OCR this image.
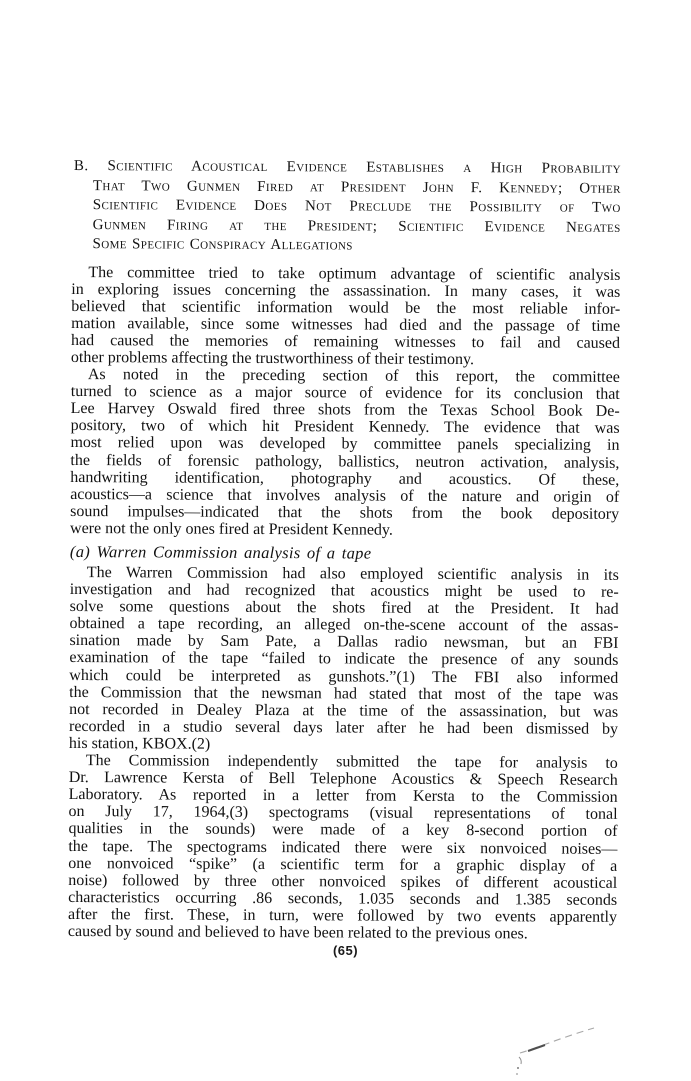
B. Scientific Acoustical Evidence Establishes a High Probability
That Two Gunmen Fired at President John F. Kennedy; Other
Scientific Evidence Does Not Preclude the Possibility of Two
Gunmen Firing at the President; Scientific Evidence Negates
Some Specific Conspiracy Allegations
The committee tried to take optimum advantage of scientific analysis
in exploring issues concerning the assassination. In many cases, it was
believed that scientific information would be the most reliable infor-
mation available, since some witnesses had died and the passage of time
had caused the memories of remaining witnesses to fail and caused
other problems affecting the trustworthiness of their testimony.
As noted in the preceding section of this report, the committee
turned to science as a major source of evidence for its conclusion that
Lee Harvey Oswald fired three shots from the Texas School Book De-
pository, two of which hit President Kennedy. The evidence that was
most relied upon was developed by committee panels specializing in
the fields of forensic pathology, ballistics, neutron activation, analysis,
handwriting identification, photography and acoustics. Of these,
acoustics—a science that involves analysis of the nature and origin of
sound impulses—indicated that the shots from the book depository
were not the only ones fired at President Kennedy.
(a) Warren Commission analysis of a tape
The Warren Commission had also employed scientific analysis in its
investigation and had recognized that acoustics might be used to re-
solve some questions about the shots fired at the President. It had
obtained a tape recording, an alleged on-the-scene account of the assas-
sination made by Sam Pate, a Dallas radio newsman, but an FBI
examination of the tape “failed to indicate the presence of any sounds
which could be interpreted as gunshots.”(1) The FBI also informed
the Commission that the newsman had stated that most of the tape was
not recorded in Dealey Plaza at the time of the assassination, but was
recorded in a studio several days later after he had been dismissed by
his station, KBOX.(2)
The Commission independently submitted the tape for analysis to
Dr. Lawrence Kersta of Bell Telephone Acoustics & Speech Research
Laboratory. As reported in a letter from Kersta to the Commission
on July 17, 1964,(3) spectograms (visual representations of tonal
qualities in the sounds) were made of a key 8-second portion of
the tape. The spectograms indicated there were six nonvoiced noises—
one nonvoiced “spike” (a scientific term for a graphic display of a
noise) followed by three other nonvoiced spikes of different acoustical
characteristics occurring .86 seconds, 1.035 seconds and 1.385 seconds
after the first. These, in turn, were followed by two events apparently
caused by sound and believed to have been related to the previous ones.
(65)
